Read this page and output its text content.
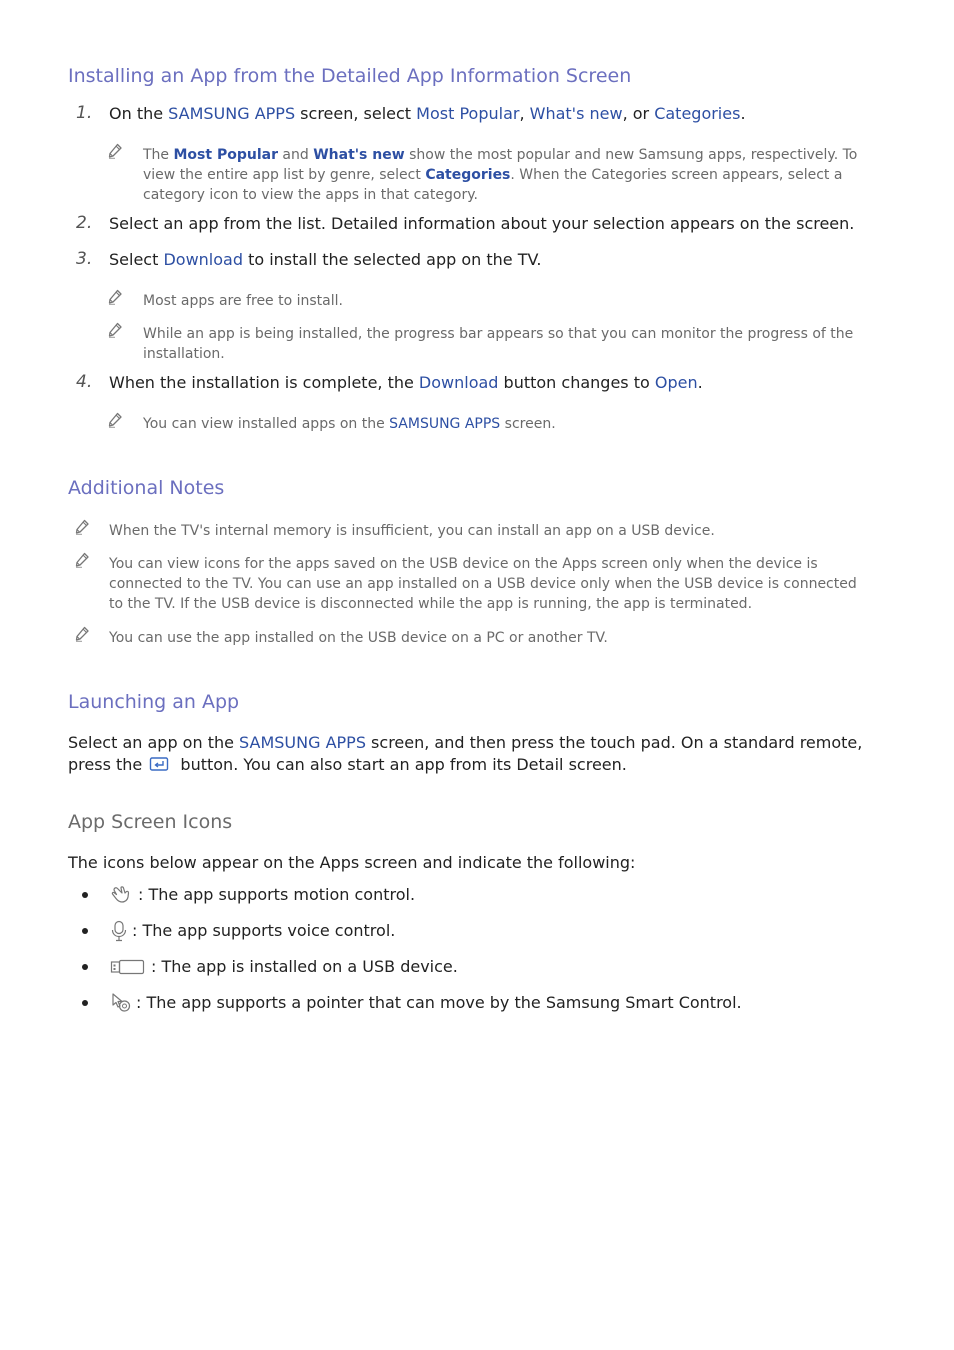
Installing an App from the Detailed App Information Screen
1. On the SAMSUNG APPS screen, select Most Popular, What's new, or Categories.
The Most Popular and What's new show the most popular and new Samsung apps, respectively. To
view the entire app list by genre, select Categories. When the Categories screen appears, select a
category icon to view the apps in that category.
2. Select an app from the list. Detailed information about your selection appears on the screen.
3. Select Download to install the selected app on the TV.
Most apps are free to install.
While an app is being installed, the progress bar appears so that you can monitor the progress of the
installation.
4. When the installation is complete, the Download button changes to Open.
You can view installed apps on the SAMSUNG APPS screen.
Additional Notes
When the TV's internal memory is insufficient, you can install an app on a USB device.
You can view icons for the apps saved on the USB device on the Apps screen only when the device is
connected to the TV. You can use an app installed on a USB device only when the USB device is connected
to the TV. If the USB device is disconnected while the app is running, the app is terminated.
You can use the app installed on the USB device on a PC or another TV.
Launching an App
Select an app on the SAMSUNG APPS screen, and then press the touch pad. On a standard remote,
press the  button. You can also start an app from its Detail screen.
App Screen Icons
The icons below appear on the Apps screen and indicate the following:
: The app supports motion control.
: The app supports voice control.
: The app is installed on a USB device.
: The app supports a pointer that can move by the Samsung Smart Control.
